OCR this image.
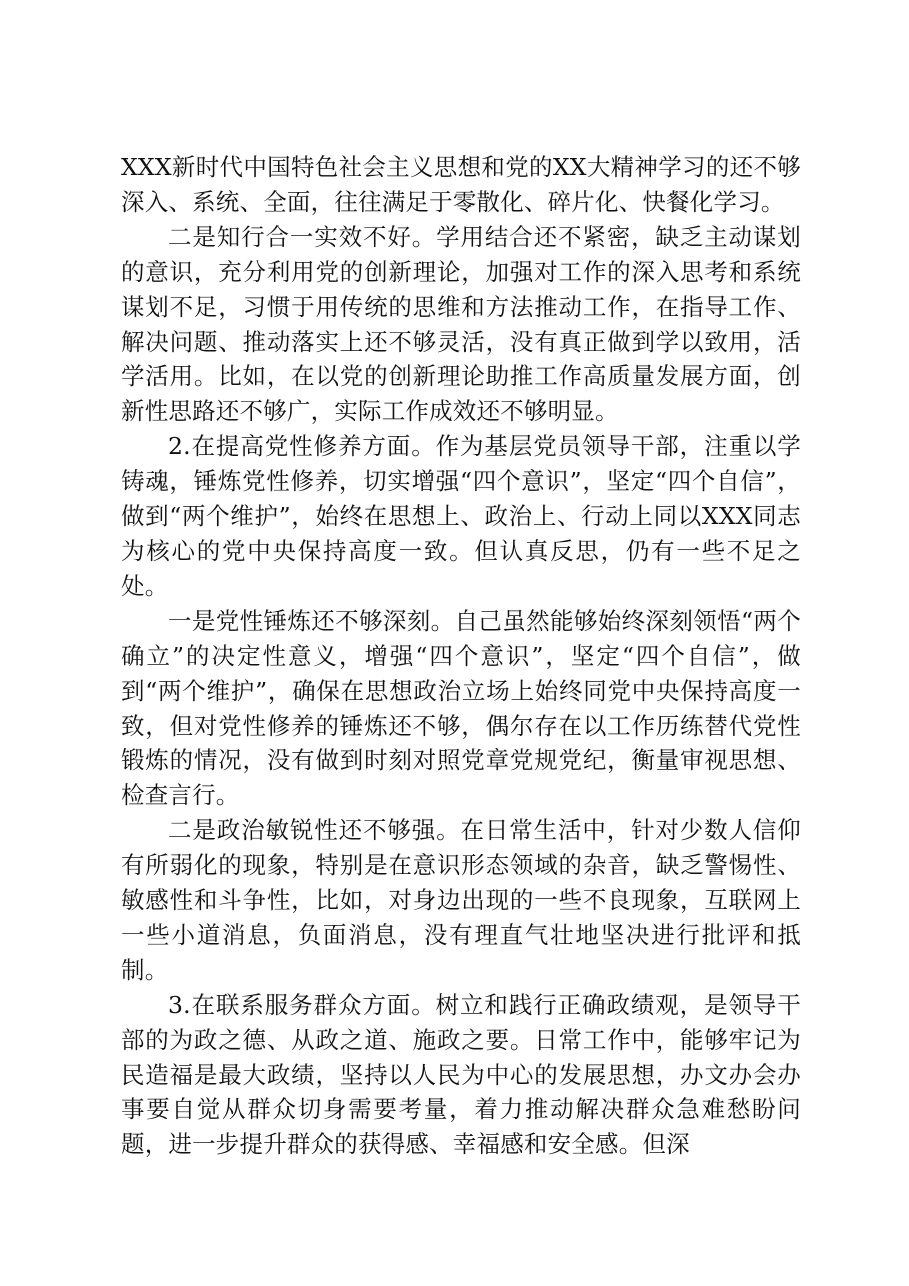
XXX新时代中国特色社会主义思想和党的XX大精神学习的还不够深入、系统、全面，往往满足于零散化、碎片化、快餐化学习。

二是知行合一实效不好。学用结合还不紧密，缺乏主动谋划的意识，充分利用党的创新理论，加强对工作的深入思考和系统谋划不足，习惯于用传统的思维和方法推动工作，在指导工作、解决问题、推动落实上还不够灵活，没有真正做到学以致用，活学活用。比如，在以党的创新理论助推工作高质量发展方面，创新性思路还不够广，实际工作成效还不够明显。

2.在提高党性修养方面。作为基层党员领导干部，注重以学铸魂，锤炼党性修养，切实增强“四个意识”，坚定“四个自信”，做到“两个维护”，始终在思想上、政治上、行动上同以XXX同志为核心的党中央保持高度一致。但认真反思，仍有一些不足之处。

一是党性锤炼还不够深刻。自己虽然能够始终深刻领悟“两个确立”的决定性意义，增强“四个意识”，坚定“四个自信”，做到“两个维护”，确保在思想政治立场上始终同党中央保持高度一致，但对党性修养的锤炼还不够，偶尔存在以工作历练替代党性锻炼的情况，没有做到时刻对照党章党规党纪，衡量审视思想、检查言行。

二是政治敏锐性还不够强。在日常生活中，针对少数人信仰有所弱化的现象，特别是在意识形态领域的杂音，缺乏警惕性、敏感性和斗争性，比如，对身边出现的一些不良现象，互联网上一些小道消息，负面消息，没有理直气壮地坚决进行批评和抵制。

3.在联系服务群众方面。树立和践行正确政绩观，是领导干部的为政之德、从政之道、施政之要。日常工作中，能够牢记为民造福是最大政绩，坚持以人民为中心的发展思想，办文办会办事要自觉从群众切身需要考量，着力推动解决群众急难愁盼问题，进一步提升群众的获得感、幸福感和安全感。但深
